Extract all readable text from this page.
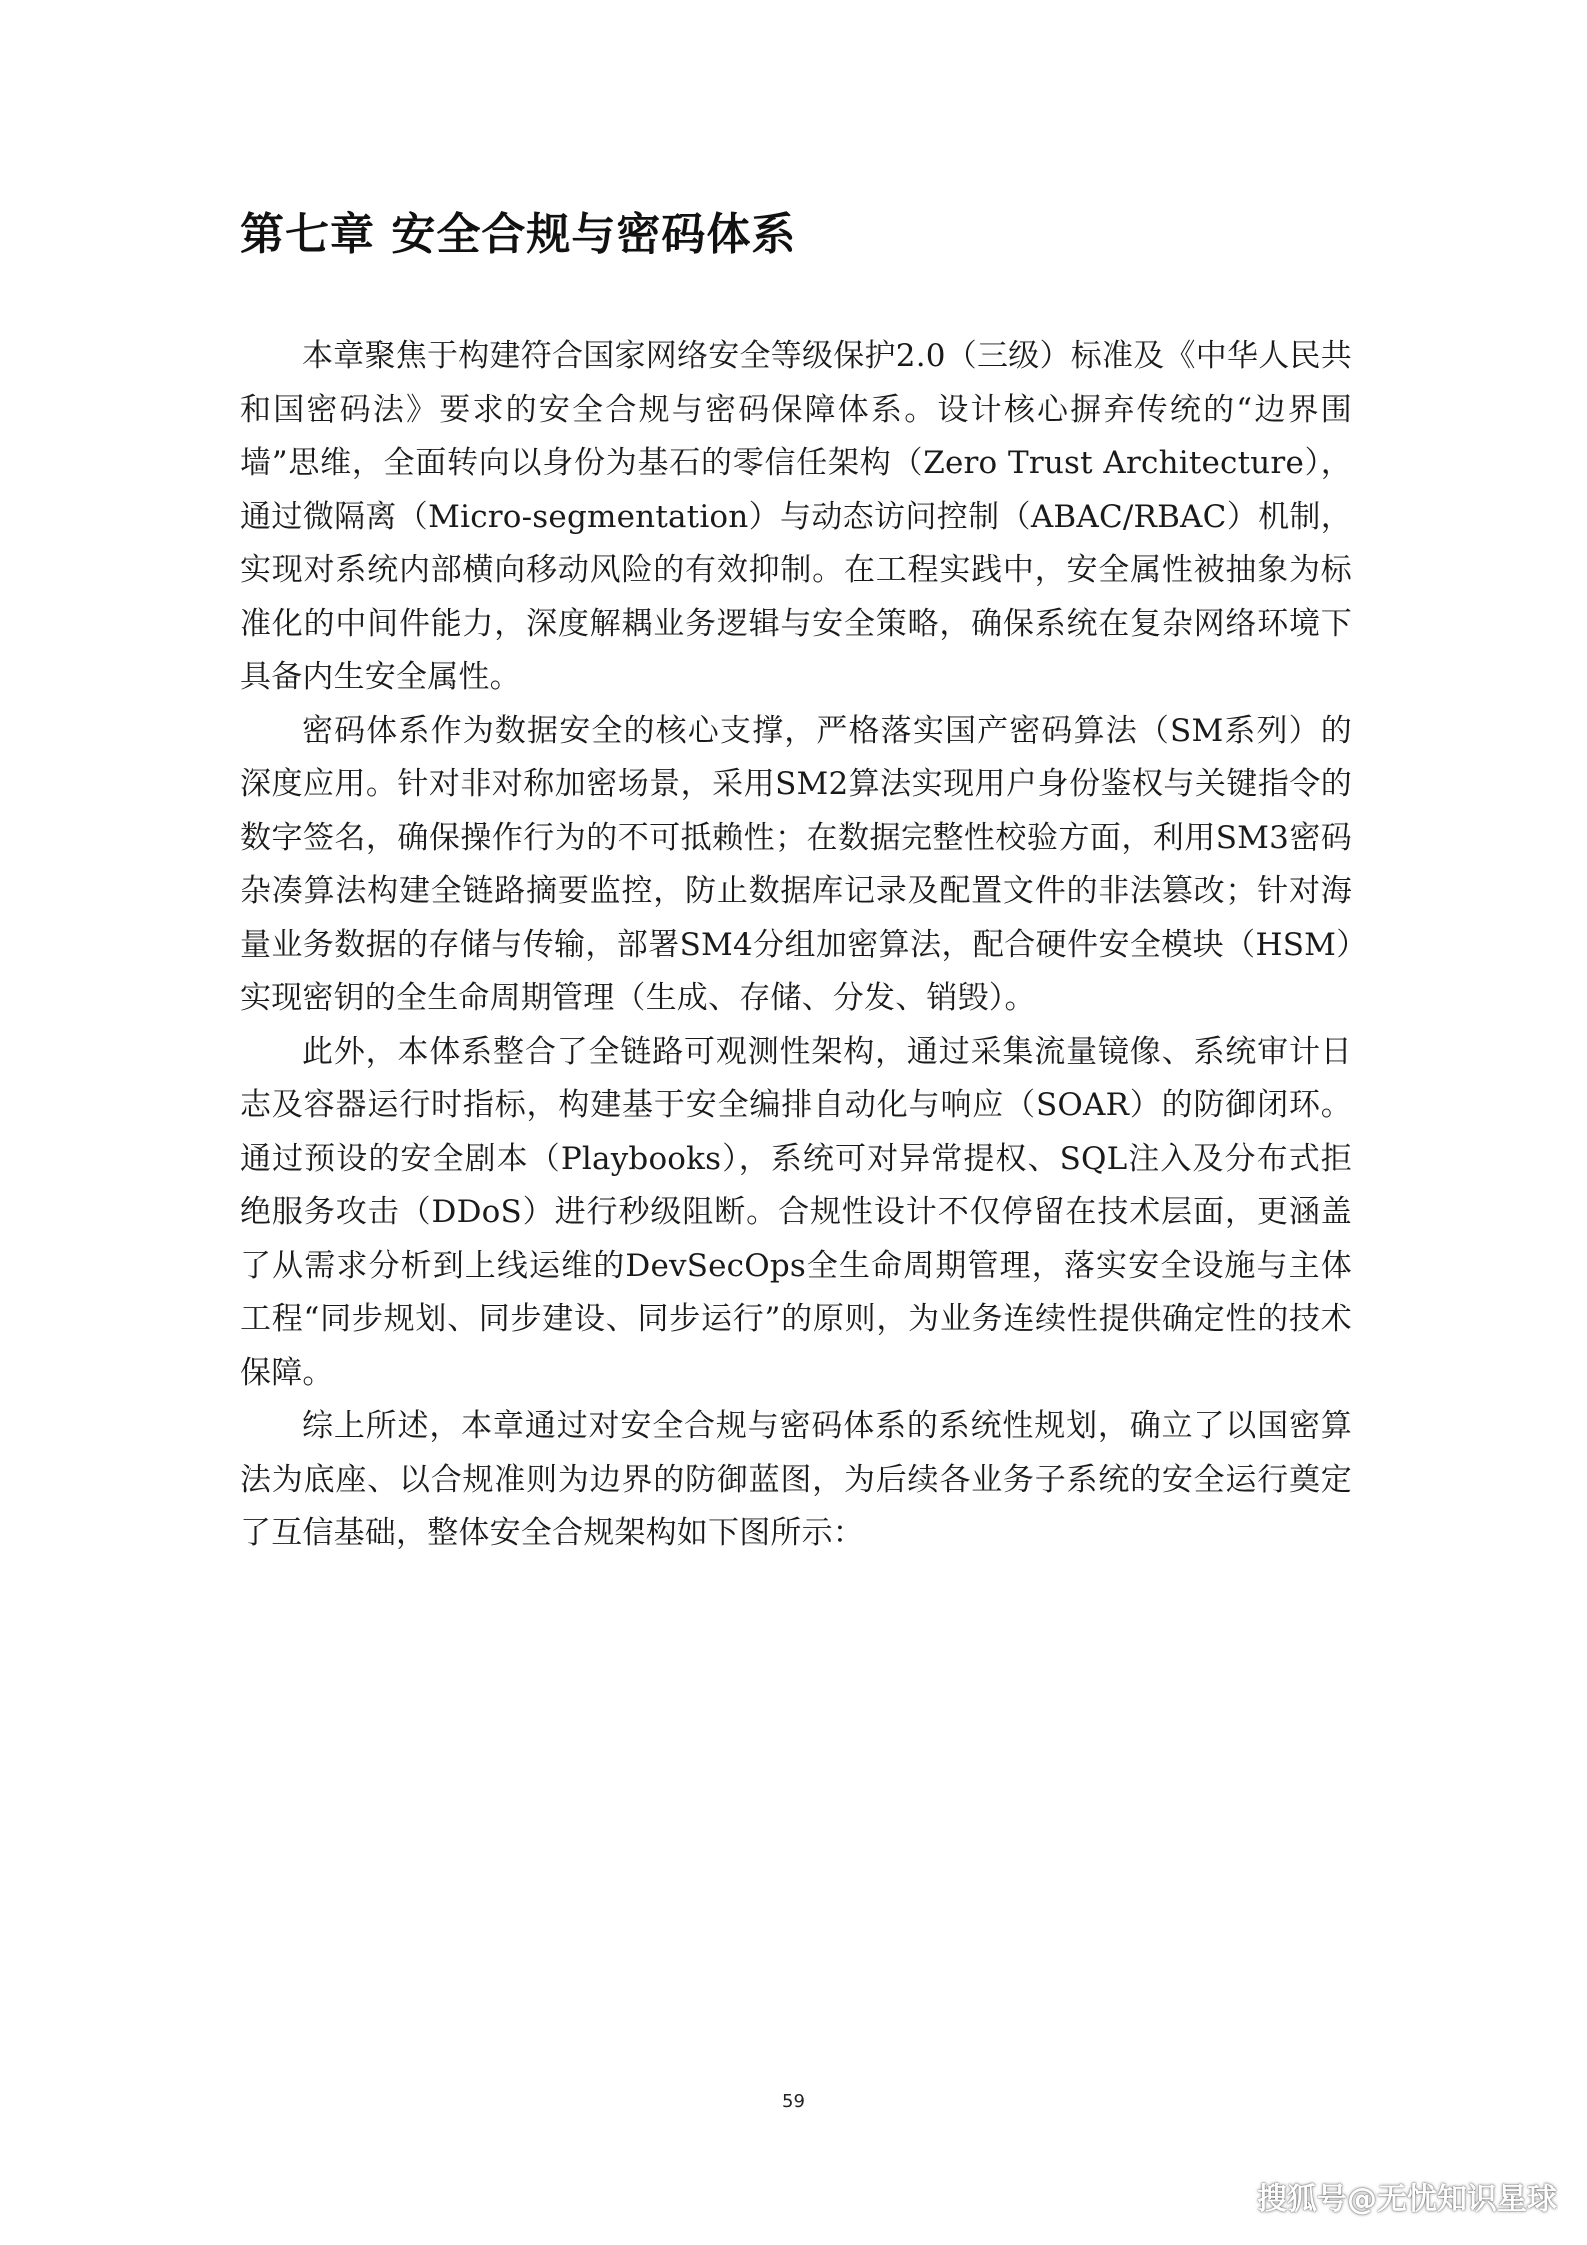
第七章 安全合规与密码体系

本章聚焦于构建符合国家网络安全等级保护2.0（三级）标准及《中华人民共和国密码法》要求的安全合规与密码保障体系。设计核心摒弃传统的“边界围墙”思维，全面转向以身份为基石的零信任架构（Zero Trust Architecture），通过微隔离（Micro-segmentation）与动态访问控制（ABAC/RBAC）机制，实现对系统内部横向移动风险的有效抑制。在工程实践中，安全属性被抽象为标准化的中间件能力，深度解耦业务逻辑与安全策略，确保系统在复杂网络环境下具备内生安全属性。

密码体系作为数据安全的核心支撑，严格落实国产密码算法（SM系列）的深度应用。针对非对称加密场景，采用SM2算法实现用户身份鉴权与关键指令的数字签名，确保操作行为的不可抵赖性；在数据完整性校验方面，利用SM3密码杂凑算法构建全链路摘要监控，防止数据库记录及配置文件的非法篡改；针对海量业务数据的存储与传输，部署SM4分组加密算法，配合硬件安全模块（HSM）实现密钥的全生命周期管理（生成、存储、分发、销毁）。

此外，本体系整合了全链路可观测性架构，通过采集流量镜像、系统审计日志及容器运行时指标，构建基于安全编排自动化与响应（SOAR）的防御闭环。通过预设的安全剧本（Playbooks），系统可对异常提权、SQL注入及分布式拒绝服务攻击（DDoS）进行秒级阻断。合规性设计不仅停留在技术层面，更涵盖了从需求分析到上线运维的DevSecOps全生命周期管理，落实安全设施与主体工程“同步规划、同步建设、同步运行”的原则，为业务连续性提供确定性的技术保障。

综上所述，本章通过对安全合规与密码体系的系统性规划，确立了以国密算法为底座、以合规准则为边界的防御蓝图，为后续各业务子系统的安全运行奠定了互信基础，整体安全合规架构如下图所示：

59
搜狐号@无忧知识星球
